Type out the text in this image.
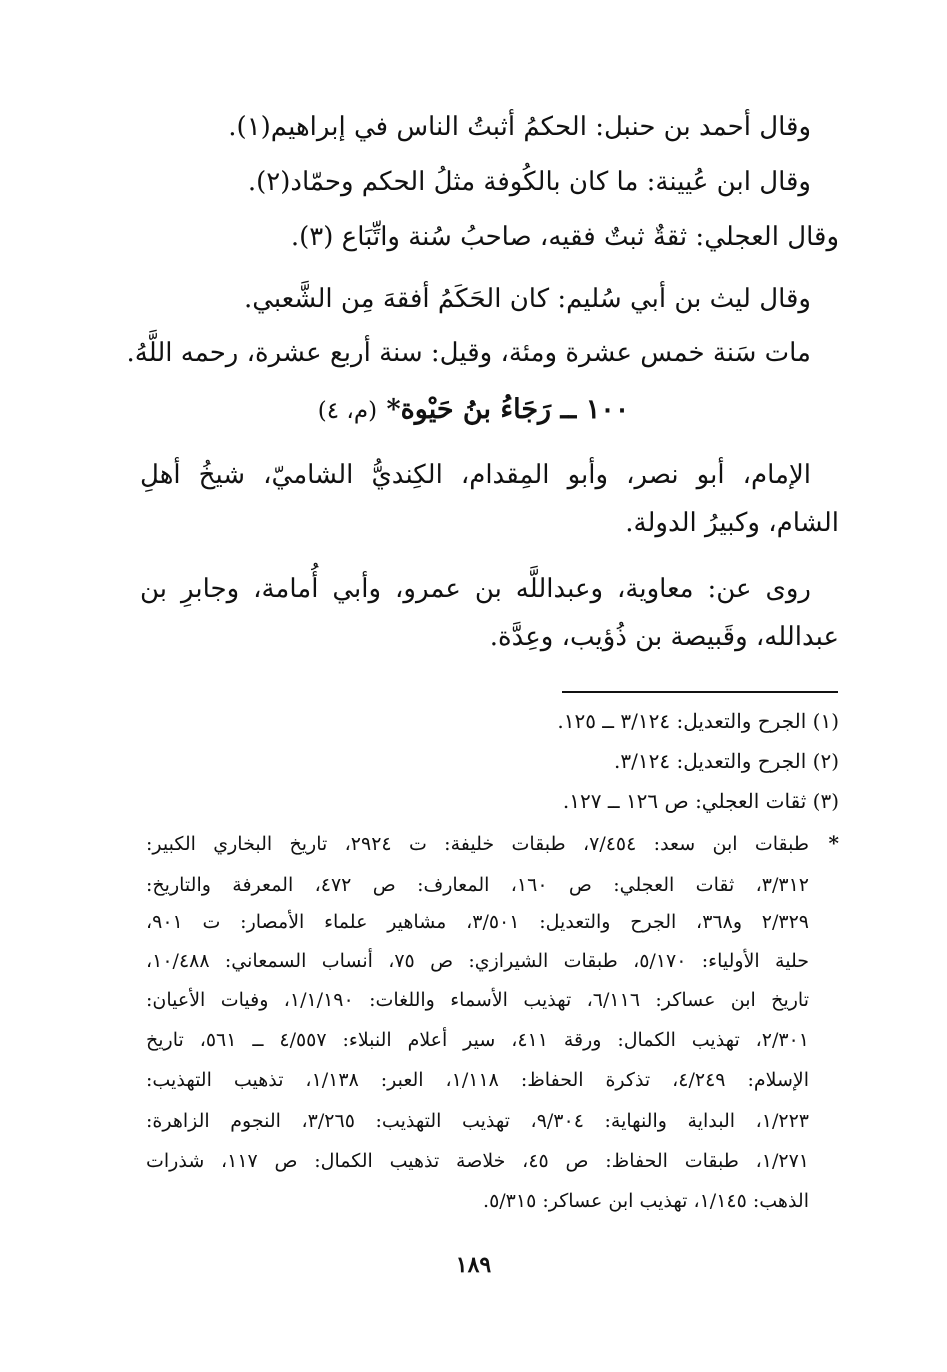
وقال أحمد بن حنبل: الحكمُ أثبتُ الناس في إبراهيم(١).
وقال ابن عُيينة: ما كان بالكُوفة مثلُ الحكم وحمّاد(٢).
وقال العجلي: ثقةٌ ثبتٌ فقيه، صاحبُ سُنة واتِّبَاع (٣).
وقال ليث بن أبي سُليم: كان الحَكَمُ أفقهَ مِن الشَّعبي.
مات سَنة خمس عشرة ومئة، وقيل: سنة أربع عشرة، رحمه اللَّهُ.
١٠٠ ــ رَجَاءُ بنُ حَيْوة* (م، ٤)
الإمام، أبو نصر، وأبو المِقدام، الكِنديُّ الشاميّ، شيخُ أهلِ
الشام، وكبيرُ الدولة.
روى عن: معاوية، وعبداللَّه بن عمرو، وأبي أُمامة، وجابرِ بن
عبدالله، وقَبيصة بن ذُؤيب، وعِدَّة.
(١) الجرح والتعديل: ٣/١٢٤ ــ ١٢٥.
(٢) الجرح والتعديل: ٣/١٢٤.
(٣) ثقات العجلي: ص ١٢٦ ــ ١٢٧.
*
طبقات ابن سعد: ٧/٤٥٤، طبقات خليفة: ت ٢٩٢٤، تاريخ البخاري الكبير:
٣/٣١٢، ثقات العجلي: ص ١٦٠، المعارف: ص ٤٧٢، المعرفة والتاريخ:
٢/٣٢٩ و٣٦٨، الجرح والتعديل: ٣/٥٠١، مشاهير علماء الأمصار: ت ٩٠١،
حلية الأولياء: ٥/١٧٠، طبقات الشيرازي: ص ٧٥، أنساب السمعاني: ١٠/٤٨٨،
تاريخ ابن عساكر: ٦/١١٦، تهذيب الأسماء واللغات: ١/١/١٩٠، وفيات الأعيان:
٢/٣٠١، تهذيب الكمال: ورقة ٤١١، سير أعلام النبلاء: ٤/٥٥٧ ــ ٥٦١، تاريخ
الإسلام: ٤/٢٤٩، تذكرة الحفاظ: ١/١١٨، العبر: ١/١٣٨، تذهيب التهذيب:
١/٢٢٣، البداية والنهاية: ٩/٣٠٤، تهذيب التهذيب: ٣/٢٦٥، النجوم الزاهرة:
١/٢٧١، طبقات الحفاظ: ص ٤٥، خلاصة تذهيب الكمال: ص ١١٧، شذرات
الذهب: ١/١٤٥، تهذيب ابن عساكر: ٥/٣١٥.
١٨٩
